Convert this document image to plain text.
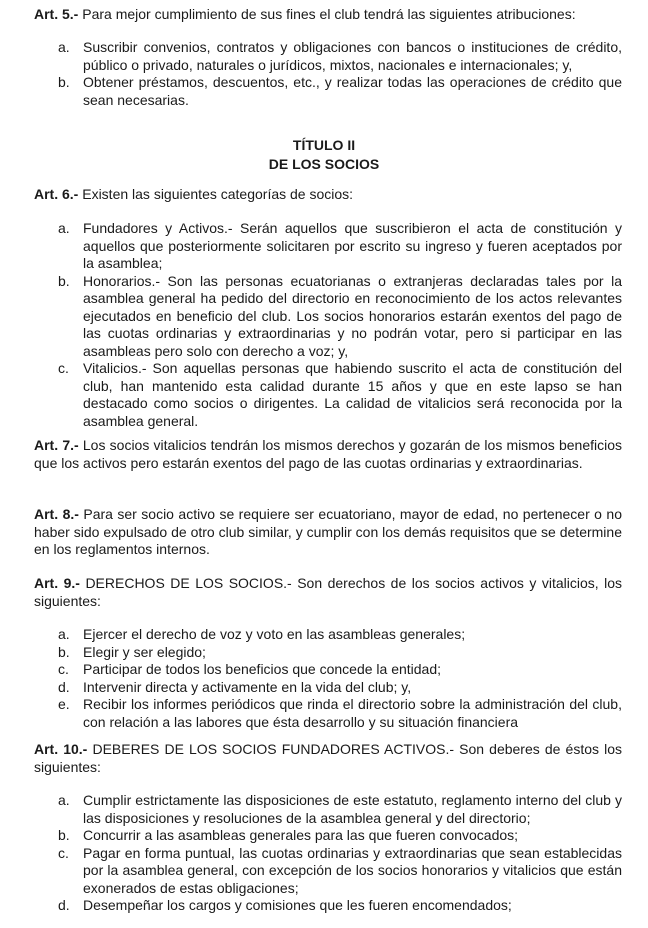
Art. 5.- Para mejor cumplimiento de sus fines el club tendrá las siguientes atribuciones:
a. Suscribir convenios, contratos y obligaciones con bancos o instituciones de crédito, público o privado, naturales o jurídicos, mixtos, nacionales e internacionales; y,
b. Obtener préstamos, descuentos, etc., y realizar todas las operaciones de crédito que sean necesarias.
TÍTULO II
DE LOS SOCIOS
Art. 6.- Existen las siguientes categorías de socios:
a. Fundadores y Activos.- Serán aquellos que suscribieron el acta de constitución y aquellos que posteriormente solicitaren por escrito su ingreso y fueren aceptados por la asamblea;
b. Honorarios.- Son las personas ecuatorianas o extranjeras declaradas tales por la asamblea general ha pedido del directorio en reconocimiento de los actos relevantes ejecutados en beneficio del club. Los socios honorarios estarán exentos del pago de las cuotas ordinarias y extraordinarias y no podrán votar, pero si participar en las asambleas pero solo con derecho a voz; y,
c. Vitalicios.- Son aquellas personas que habiendo suscrito el acta de constitución del club, han mantenido esta calidad durante 15 años y que en este lapso se han destacado como socios o dirigentes. La calidad de vitalicios será reconocida por la asamblea general.
Art. 7.- Los socios vitalicios tendrán los mismos derechos y gozarán de los mismos beneficios que los activos pero estarán exentos del pago de las cuotas ordinarias y extraordinarias.
Art. 8.- Para ser socio activo se requiere ser ecuatoriano, mayor de edad, no pertenecer o no haber sido expulsado de otro club similar, y cumplir con los demás requisitos que se determine en los reglamentos internos.
Art. 9.- DERECHOS DE LOS SOCIOS.- Son derechos de los socios activos y vitalicios, los siguientes:
a. Ejercer el derecho de voz y voto en las asambleas generales;
b. Elegir y ser elegido;
c. Participar de todos los beneficios que concede la entidad;
d. Intervenir directa y activamente en la vida del club; y,
e. Recibir los informes periódicos que rinda el directorio sobre la administración del club, con relación a las labores que ésta desarrollo y su situación financiera
Art. 10.- DEBERES DE LOS SOCIOS FUNDADORES ACTIVOS.- Son deberes de éstos los siguientes:
a. Cumplir estrictamente las disposiciones de este estatuto, reglamento interno del club y las disposiciones y resoluciones de la asamblea general y del directorio;
b. Concurrir a las asambleas generales para las que fueren convocados;
c. Pagar en forma puntual, las cuotas ordinarias y extraordinarias que sean establecidas por la asamblea general, con excepción de los socios honorarios y vitalicios que están exonerados de estas obligaciones;
d. Desempeñar los cargos y comisiones que les fueren encomendados;
